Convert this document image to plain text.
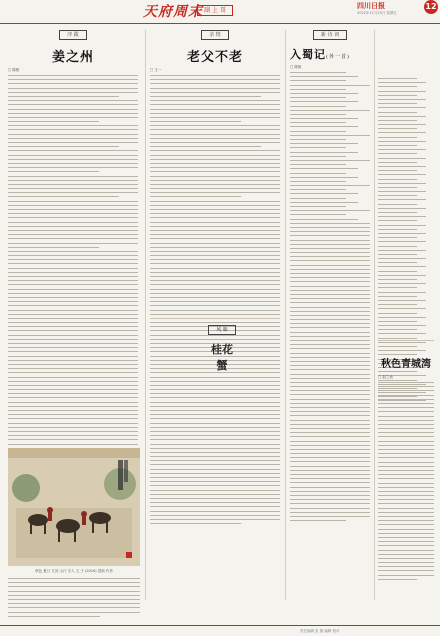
天府周末 副 上 哥
四川日报
2022年11月25日 星期五
12
序 跋
姜之州
□ 陈相
秋色 夏日 尤其 山行 宗人 五 子 (2016) 国画 作者
亲 情
老父不老
□ 王一
风 味
桂花蟹
新 诗 词
入蜀记(外一首)
□ 陈相
秋色青城湾
□ 赵之表
责任编辑 张 图 编辑 校对
